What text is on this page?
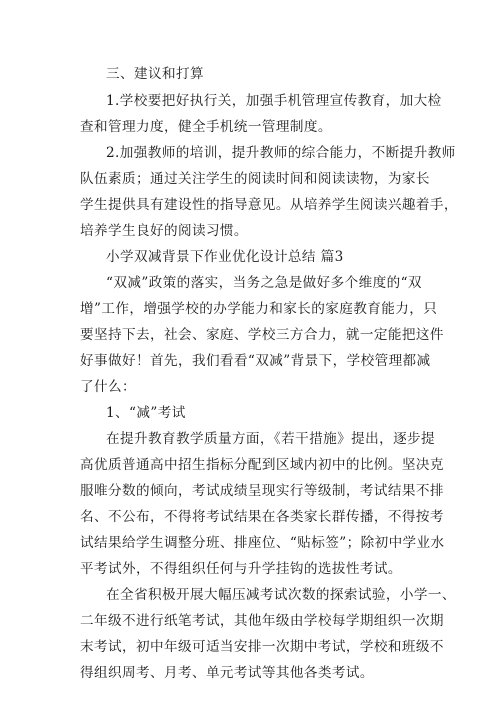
三、建议和打算
1.学校要把好执行关，加强手机管理宣传教育，加大检
查和管理力度，健全手机统一管理制度。
2.加强教师的培训，提升教师的综合能力，不断提升教师
队伍素质；通过关注学生的阅读时间和阅读读物，为家长
学生提供具有建设性的指导意见。从培养学生阅读兴趣着手，
培养学生良好的阅读习惯。
小学双减背景下作业优化设计总结 篇3
“双减”政策的落实，当务之急是做好多个维度的“双
增”工作，增强学校的办学能力和家长的家庭教育能力，只
要坚持下去，社会、家庭、学校三方合力，就一定能把这件
好事做好！首先，我们看看“双减”背景下，学校管理都减
了什么：
1、“减”考试
在提升教育教学质量方面，《若干措施》提出，逐步提
高优质普通高中招生指标分配到区域内初中的比例。坚决克
服唯分数的倾向，考试成绩呈现实行等级制，考试结果不排
名、不公布，不得将考试结果在各类家长群传播，不得按考
试结果给学生调整分班、排座位、“贴标签”；除初中学业水
平考试外，不得组织任何与升学挂钩的选拔性考试。
在全省积极开展大幅压减考试次数的探索试验，小学一、
二年级不进行纸笔考试，其他年级由学校每学期组织一次期
末考试，初中年级可适当安排一次期中考试，学校和班级不
得组织周考、月考、单元考试等其他各类考试。
